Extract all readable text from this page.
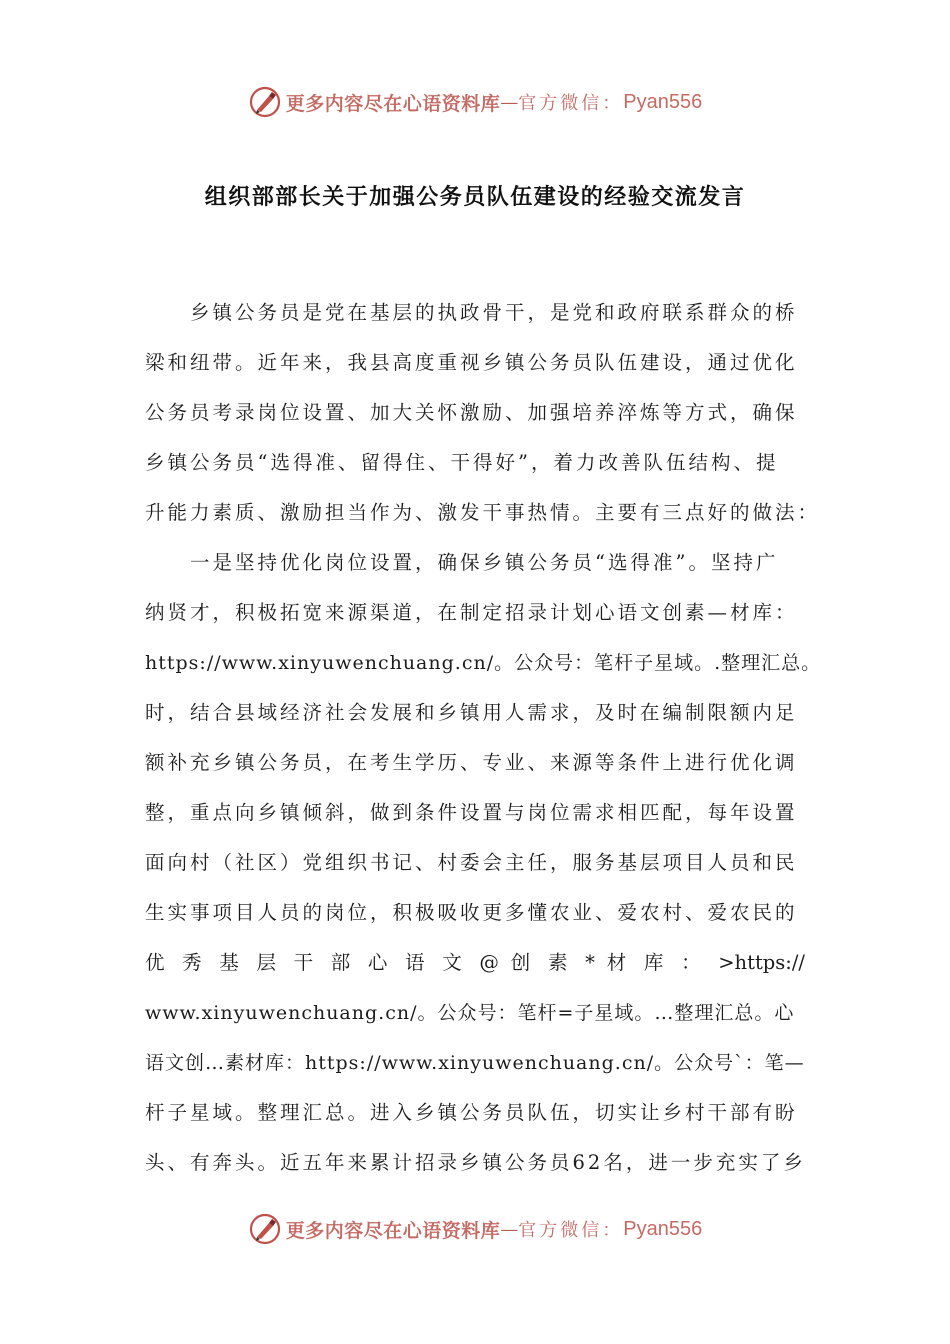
更多内容尽在心语资料库 — 官方微信： Pyan556
组织部部长关于加强公务员队伍建设的经验交流发言
乡镇公务员是党在基层的执政骨干，是党和政府联系群众的桥
梁和纽带。近年来，我县高度重视乡镇公务员队伍建设，通过优化
公务员考录岗位设置、加大关怀激励、加强培养淬炼等方式，确保
乡镇公务员“选得准、留得住、干得好”，着力改善队伍结构、提
升能力素质、激励担当作为、激发干事热情。主要有三点好的做法：
一是坚持优化岗位设置，确保乡镇公务员“选得准”。坚持广
纳贤才，积极拓宽来源渠道，在制定招录计划心语文创素—材库：
https://www.xinyuwenchuang.cn/。公众号：笔杆子星域。.整理汇总。
时，结合县域经济社会发展和乡镇用人需求，及时在编制限额内足
额补充乡镇公务员，在考生学历、专业、来源等条件上进行优化调
整，重点向乡镇倾斜，做到条件设置与岗位需求相匹配，每年设置
面向村（社区）党组织书记、村委会主任，服务基层项目人员和民
生实事项目人员的岗位，积极吸收更多懂农业、爱农村、爱农民的
优 秀 基 层 干 部 心 语 文 @ 创 素 * 材 库 ： >https://
www.xinyuwenchuang.cn/。公众号：笔杆=子星域。…整理汇总。心
语文创…素材库：https://www.xinyuwenchuang.cn/。公众号`：笔—
杆子星域。整理汇总。进入乡镇公务员队伍，切实让乡村干部有盼
头、有奔头。近五年来累计招录乡镇公务员62名，进一步充实了乡
更多内容尽在心语资料库 — 官方微信： Pyan556
